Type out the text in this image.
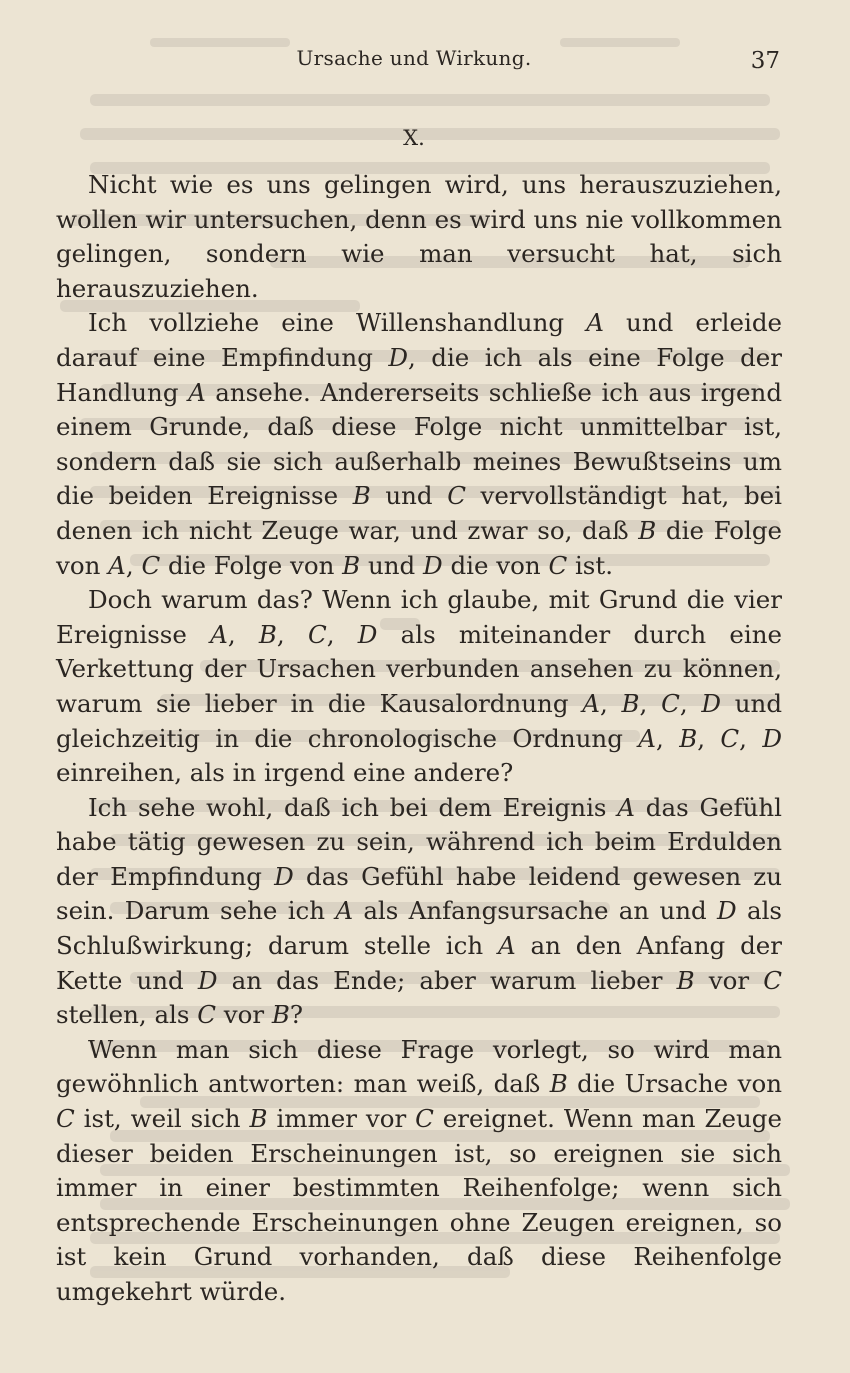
Ursache und Wirkung.	37
X.

Nicht wie es uns gelingen wird, uns herauszuziehen, wollen wir untersuchen, denn es wird uns nie vollkommen gelingen, sondern wie man versucht hat, sich herauszuziehen.

Ich vollziehe eine Willenshandlung A und erleide darauf eine Empfindung D, die ich als eine Folge der Handlung A ansehe. Andererseits schließe ich aus irgend einem Grunde, daß diese Folge nicht unmittelbar ist, sondern daß sie sich außerhalb meines Bewußtseins um die beiden Ereignisse B und C vervollständigt hat, bei denen ich nicht Zeuge war, und zwar so, daß B die Folge von A, C die Folge von B und D die von C ist.

Doch warum das? Wenn ich glaube, mit Grund die vier Ereignisse A, B, C, D als miteinander durch eine Verkettung der Ursachen verbunden ansehen zu können, warum sie lieber in die Kausalordnung A, B, C, D und gleichzeitig in die chronologische Ordnung A, B, C, D einreihen, als in irgend eine andere?

Ich sehe wohl, daß ich bei dem Ereignis A das Gefühl habe tätig gewesen zu sein, während ich beim Erdulden der Empfindung D das Gefühl habe leidend gewesen zu sein. Darum sehe ich A als Anfangsursache an und D als Schlußwirkung; darum stelle ich A an den Anfang der Kette und D an das Ende; aber warum lieber B vor C stellen, als C vor B?

Wenn man sich diese Frage vorlegt, so wird man gewöhnlich antworten: man weiß, daß B die Ursache von C ist, weil sich B immer vor C ereignet. Wenn man Zeuge dieser beiden Erscheinungen ist, so ereignen sie sich immer in einer bestimmten Reihenfolge; wenn sich entsprechende Erscheinungen ohne Zeugen ereignen, so ist kein Grund vorhanden, daß diese Reihenfolge umgekehrt würde.
